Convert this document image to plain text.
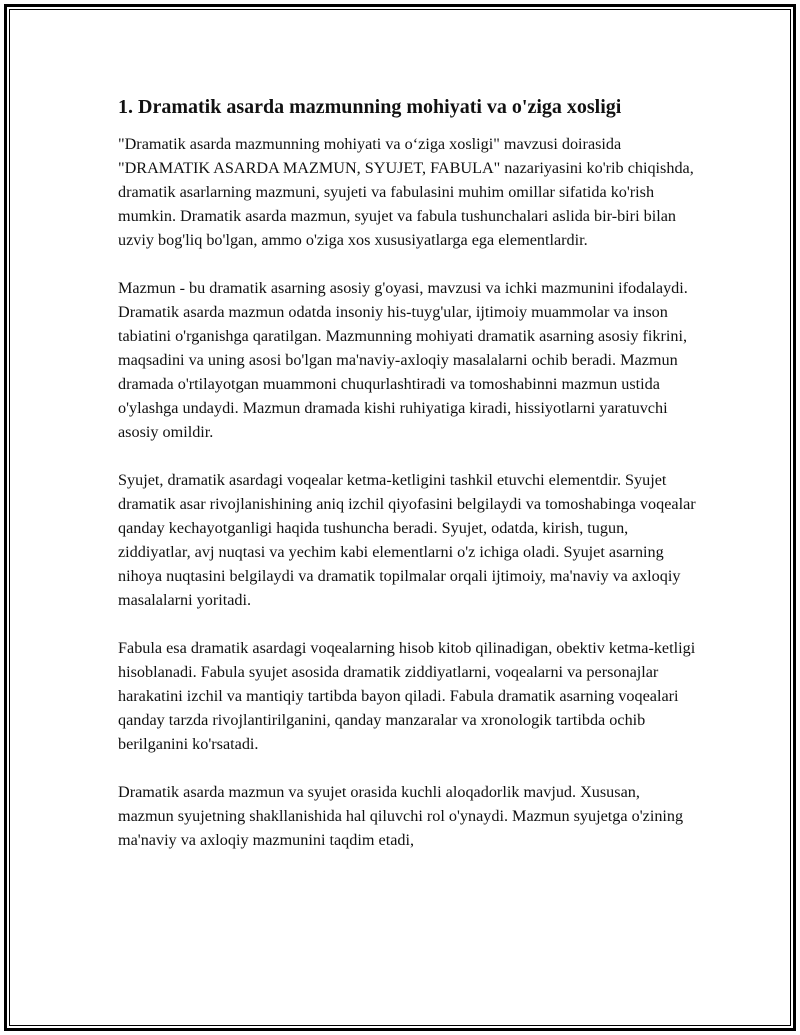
1. Dramatik asarda mazmunning mohiyati va o'ziga xosligi

"Dramatik asarda mazmunning mohiyati va o‘ziga xosligi" mavzusi doirasida "DRAMATIK ASARDA MAZMUN, SYUJET, FABULA" nazariyasini ko'rib chiqishda, dramatik asarlarning mazmuni, syujeti va fabulasini muhim omillar sifatida ko'rish mumkin. Dramatik asarda mazmun, syujet va fabula tushunchalari aslida bir-biri bilan uzviy bog'liq bo'lgan, ammo o'ziga xos xususiyatlarga ega elementlardir.

Mazmun - bu dramatik asarning asosiy g'oyasi, mavzusi va ichki mazmunini ifodalaydi. Dramatik asarda mazmun odatda insoniy his-tuyg'ular, ijtimoiy muammolar va inson tabiatini o'rganishga qaratilgan. Mazmunning mohiyati dramatik asarning asosiy fikrini, maqsadini va uning asosi bo'lgan ma'naviy-axloqiy masalalarni ochib beradi. Mazmun dramada o'rtilayotgan muammoni chuqurlashtiradi va tomoshabinni mazmun ustida o'ylashga undaydi. Mazmun dramada kishi ruhiyatiga kiradi, hissiyotlarni yaratuvchi asosiy omildir.

Syujet, dramatik asardagi voqealar ketma-ketligini tashkil etuvchi elementdir. Syujet dramatik asar rivojlanishining aniq izchil qiyofasini belgilaydi va tomoshabinga voqealar qanday kechayotganligi haqida tushuncha beradi. Syujet, odatda, kirish, tugun, ziddiyatlar, avj nuqtasi va yechim kabi elementlarni o'z ichiga oladi. Syujet asarning nihoya nuqtasini belgilaydi va dramatik topilmalar orqali ijtimoiy, ma'naviy va axloqiy masalalarni yoritadi.

Fabula esa dramatik asardagi voqealarning hisob kitob qilinadigan, obektiv ketma-ketligi hisoblanadi. Fabula syujet asosida dramatik ziddiyatlarni, voqealarni va personajlar harakatini izchil va mantiqiy tartibda bayon qiladi. Fabula dramatik asarning voqealari qanday tarzda rivojlantirilganini, qanday manzaralar va xronologik tartibda ochib berilganini ko'rsatadi.

Dramatik asarda mazmun va syujet orasida kuchli aloqadorlik mavjud. Xususan, mazmun syujetning shakllanishida hal qiluvchi rol o'ynaydi. Mazmun syujetga o'zining ma'naviy va axloqiy mazmunini taqdim etadi,
